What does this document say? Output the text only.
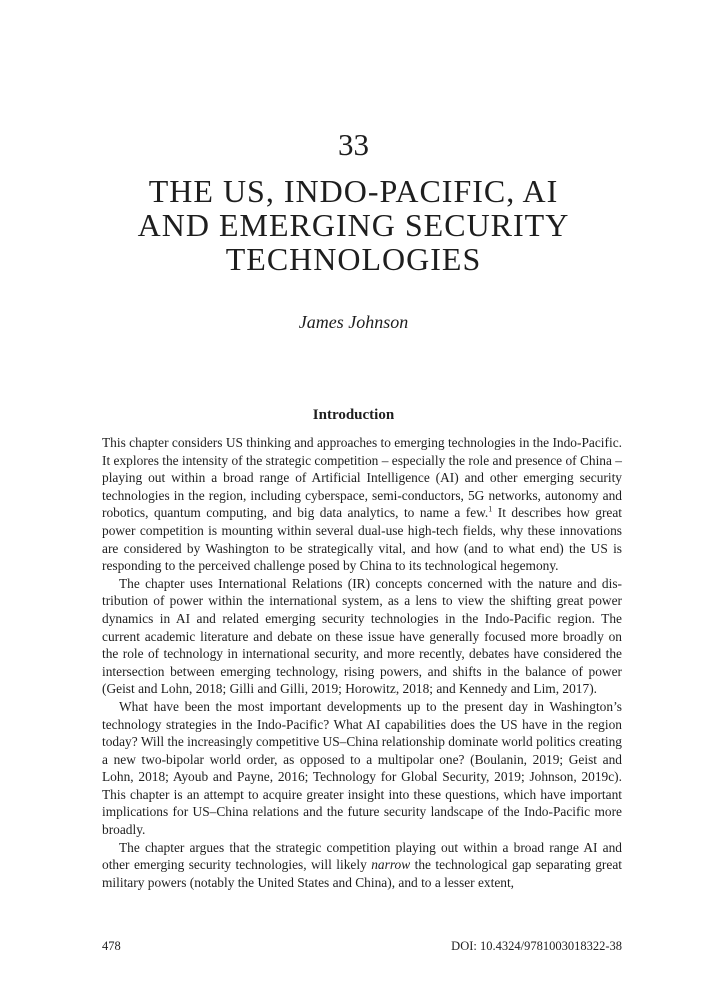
33
THE US, INDO-PACIFIC, AI
AND EMERGING SECURITY
TECHNOLOGIES
James Johnson
Introduction

This chapter considers US thinking and approaches to emerging technologies in the Indo-Pacific. It explores the intensity of the strategic competition – especially the role and presence of China – playing out within a broad range of Artificial Intelligence (AI) and other emerging security technologies in the region, including cyberspace, semi-conductors, 5G networks, autonomy and robotics, quantum computing, and big data analytics, to name a few.$^1$ It describes how great power competition is mounting within several dual-use high-tech fields, why these innovations are considered by Washington to be strategically vital, and how (and to what end) the US is responding to the perceived challenge posed by China to its technological hegemony.

The chapter uses International Relations (IR) concepts concerned with the nature and distribution of power within the international system, as a lens to view the shifting great power dynamics in AI and related emerging security technologies in the Indo-Pacific region. The current academic literature and debate on these issue have generally focused more broadly on the role of technology in international security, and more recently, debates have considered the intersection between emerging technology, rising powers, and shifts in the balance of power (Geist and Lohn, 2018; Gilli and Gilli, 2019; Horowitz, 2018; and Kennedy and Lim, 2017).

What have been the most important developments up to the present day in Washington’s technology strategies in the Indo-Pacific? What AI capabilities does the US have in the region today? Will the increasingly competitive US–China relationship dominate world politics creating a new two-bipolar world order, as opposed to a multipolar one? (Boulanin, 2019; Geist and Lohn, 2018; Ayoub and Payne, 2016; Technology for Global Security, 2019; Johnson, 2019c). This chapter is an attempt to acquire greater insight into these questions, which have important implications for US–China relations and the future security landscape of the Indo-Pacific more broadly.

The chapter argues that the strategic competition playing out within a broad range AI and other emerging security technologies, will likely narrow the technological gap separating great military powers (notably the United States and China), and to a lesser extent,

478	DOI: 10.4324/9781003018322-38
